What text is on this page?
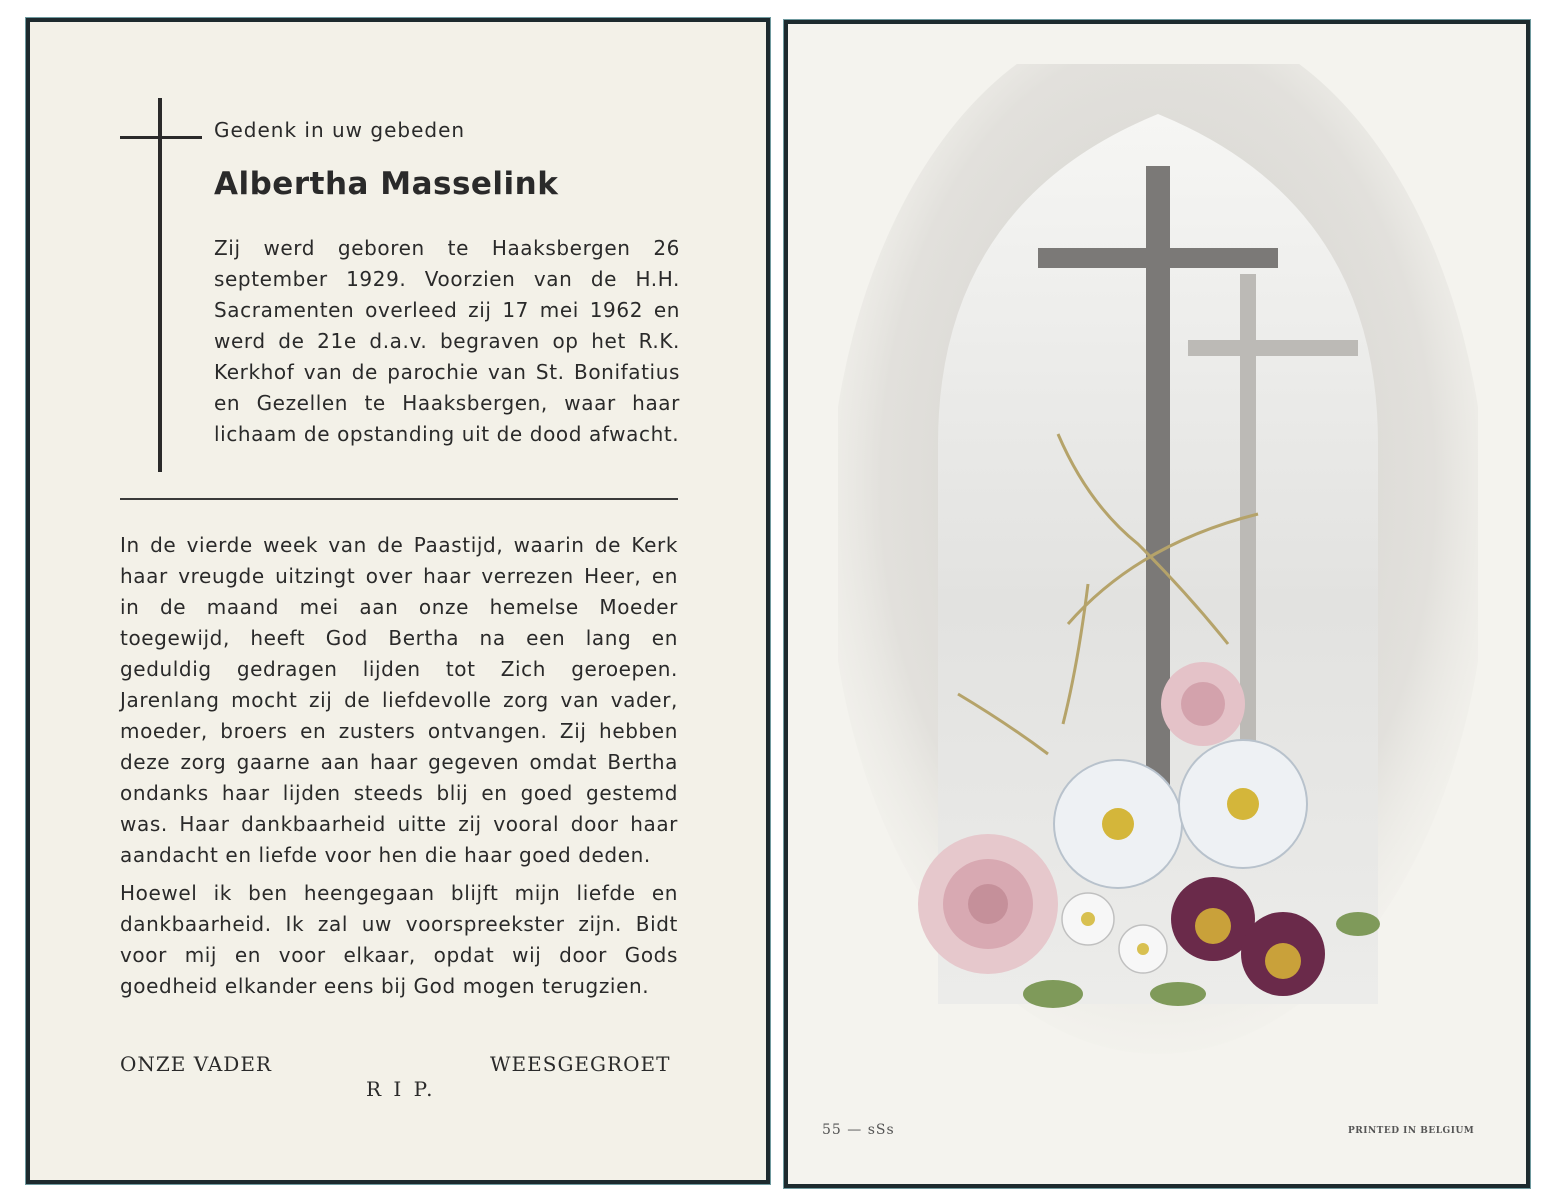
Gedenk in uw gebeden
Albertha Masselink
Zij werd geboren te Haaksbergen 26 september 1929. Voorzien van de H.H. Sacramenten overleed zij 17 mei 1962 en werd de 21e d.a.v. begraven op het R.K. Kerkhof van de parochie van St. Bonifatius en Gezellen te Haaksbergen, waar haar lichaam de opstanding uit de dood afwacht.
In de vierde week van de Paastijd, waarin de Kerk haar vreugde uitzingt over haar verrezen Heer, en in de maand mei aan onze hemelse Moeder toegewijd, heeft God Bertha na een lang en geduldig gedragen lijden tot Zich geroepen. Jarenlang mocht zij de liefdevolle zorg van vader, moeder, broers en zusters ontvangen. Zij hebben deze zorg gaarne aan haar gegeven omdat Bertha ondanks haar lijden steeds blij en goed gestemd was. Haar dankbaarheid uitte zij vooral door haar aandacht en liefde voor hen die haar goed deden.
Hoewel ik ben heengegaan blijft mijn liefde en dankbaarheid. Ik zal uw voorspreekster zijn. Bidt voor mij en voor elkaar, opdat wij door Gods goedheid elkander eens bij God mogen terugzien.
ONZE VADER	WEESGEGROET
R I P.
55 — sSs	PRINTED IN BELGIUM
